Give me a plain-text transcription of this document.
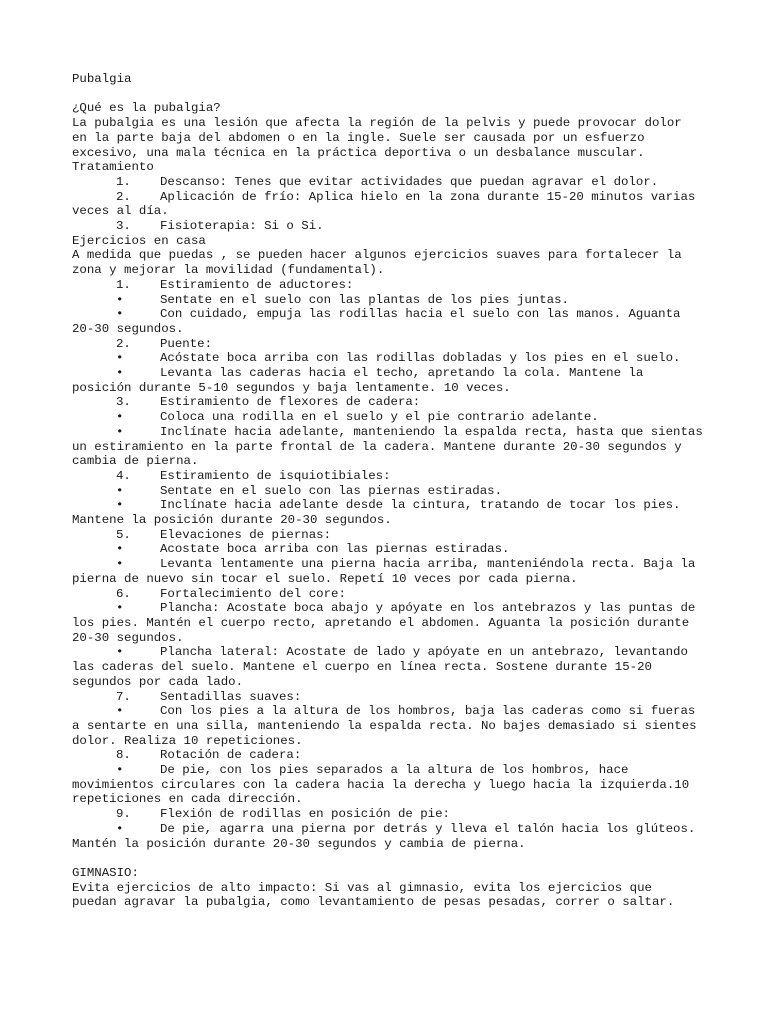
Pubalgia
¿Qué es la pubalgia?
La pubalgia es una lesión que afecta la región de la pelvis y puede provocar dolor en la parte baja del abdomen o en la ingle. Suele ser causada por un esfuerzo excesivo, una mala técnica en la práctica deportiva o un desbalance muscular.
Tratamiento
1. Descanso: Tenes que evitar actividades que puedan agravar el dolor.
2. Aplicación de frío: Aplica hielo en la zona durante 15-20 minutos varias veces al día.
3. Fisioterapia: Si o Si.
Ejercicios en casa
A medida que puedas , se pueden hacer algunos ejercicios suaves para fortalecer la zona y mejorar la movilidad (fundamental).
1. Estiramiento de aductores:
•	Sentate en el suelo con las plantas de los pies juntas.
•	Con cuidado, empuja las rodillas hacia el suelo con las manos. Aguanta 20-30 segundos.
2. Puente:
•	Acóstate boca arriba con las rodillas dobladas y los pies en el suelo.
•	Levanta las caderas hacia el techo, apretando la cola. Mantene la posición durante 5-10 segundos y baja lentamente. 10 veces.
3. Estiramiento de flexores de cadera:
•	Coloca una rodilla en el suelo y el pie contrario adelante.
•	Inclínate hacia adelante, manteniendo la espalda recta, hasta que sientas un estiramiento en la parte frontal de la cadera. Mantene durante 20-30 segundos y cambia de pierna.
4. Estiramiento de isquiotibiales:
•	Sentate en el suelo con las piernas estiradas.
•	Inclínate hacia adelante desde la cintura, tratando de tocar los pies. Mantene la posición durante 20-30 segundos.
5. Elevaciones de piernas:
•	Acostate boca arriba con las piernas estiradas.
•	Levanta lentamente una pierna hacia arriba, manteniéndola recta. Baja la pierna de nuevo sin tocar el suelo. Repetí 10 veces por cada pierna.
6. Fortalecimiento del core:
•	Plancha: Acostate boca abajo y apóyate en los antebrazos y las puntas de los pies. Mantén el cuerpo recto, apretando el abdomen. Aguanta la posición durante 20-30 segundos.
•	Plancha lateral: Acostate de lado y apóyate en un antebrazo, levantando las caderas del suelo. Mantene el cuerpo en línea recta. Sostene durante 15-20 segundos por cada lado.
7. Sentadillas suaves:
•	Con los pies a la altura de los hombros, baja las caderas como si fueras a sentarte en una silla, manteniendo la espalda recta. No bajes demasiado si sientes dolor. Realiza 10 repeticiones.
8. Rotación de cadera:
•	De pie, con los pies separados a la altura de los hombros, hace movimientos circulares con la cadera hacia la derecha y luego hacia la izquierda.10 repeticiones en cada dirección.
9. Flexión de rodillas en posición de pie:
•	De pie, agarra una pierna por detrás y lleva el talón hacia los glúteos. Mantén la posición durante 20-30 segundos y cambia de pierna.
GIMNASIO:
Evita ejercicios de alto impacto: Si vas al gimnasio, evita los ejercicios que puedan agravar la pubalgia, como levantamiento de pesas pesadas, correr o saltar.
